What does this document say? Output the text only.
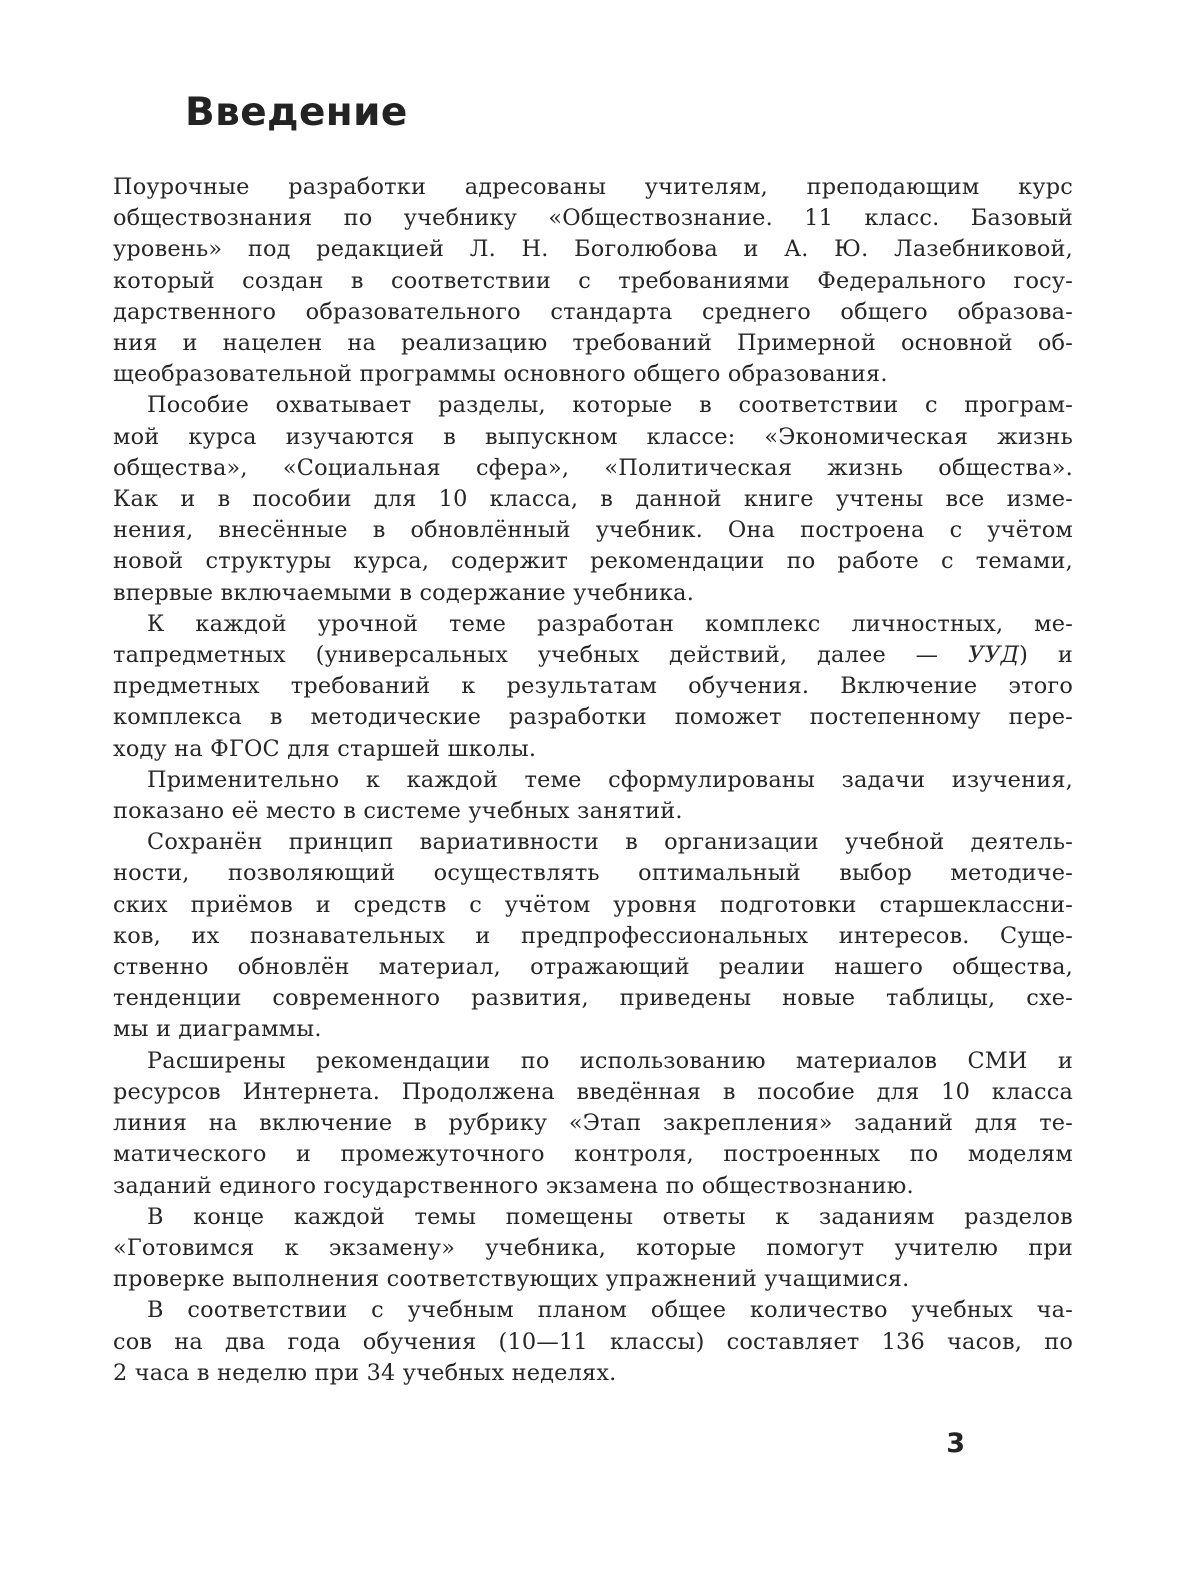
Введение

Поурочные разработки адресованы учителям, преподающим курс
обществознания по учебнику «Обществознание. 11 класс. Базовый
уровень» под редакцией Л. Н. Боголюбова и А. Ю. Лазебниковой,
который создан в соответствии с требованиями Федерального госу-
дарственного образовательного стандарта среднего общего образова-
ния и нацелен на реализацию требований Примерной основной об-
щеобразовательной программы основного общего образования.

Пособие охватывает разделы, которые в соответствии с програм-
мой курса изучаются в выпускном классе: «Экономическая жизнь
общества», «Социальная сфера», «Политическая жизнь общества».
Как и в пособии для 10 класса, в данной книге учтены все изме-
нения, внесённые в обновлённый учебник. Она построена с учётом
новой структуры курса, содержит рекомендации по работе с темами,
впервые включаемыми в содержание учебника.

К каждой урочной теме разработан комплекс личностных, ме-
тапредметных (универсальных учебных действий, далее — УУД) и
предметных требований к результатам обучения. Включение этого
комплекса в методические разработки поможет постепенному пере-
ходу на ФГОС для старшей школы.

Применительно к каждой теме сформулированы задачи изучения,
показано её место в системе учебных занятий.

Сохранён принцип вариативности в организации учебной деятель-
ности, позволяющий осуществлять оптимальный выбор методиче-
ских приёмов и средств с учётом уровня подготовки старшеклассни-
ков, их познавательных и предпрофессиональных интересов. Суще-
ственно обновлён материал, отражающий реалии нашего общества,
тенденции современного развития, приведены новые таблицы, схе-
мы и диаграммы.

Расширены рекомендации по использованию материалов СМИ и
ресурсов Интернета. Продолжена введённая в пособие для 10 класса
линия на включение в рубрику «Этап закрепления» заданий для те-
матического и промежуточного контроля, построенных по моделям
заданий единого государственного экзамена по обществознанию.

В конце каждой темы помещены ответы к заданиям разделов
«Готовимся к экзамену» учебника, которые помогут учителю при
проверке выполнения соответствующих упражнений учащимися.

В соответствии с учебным планом общее количество учебных ча-
сов на два года обучения (10—11 классы) составляет 136 часов, по
2 часа в неделю при 34 учебных неделях.

3
